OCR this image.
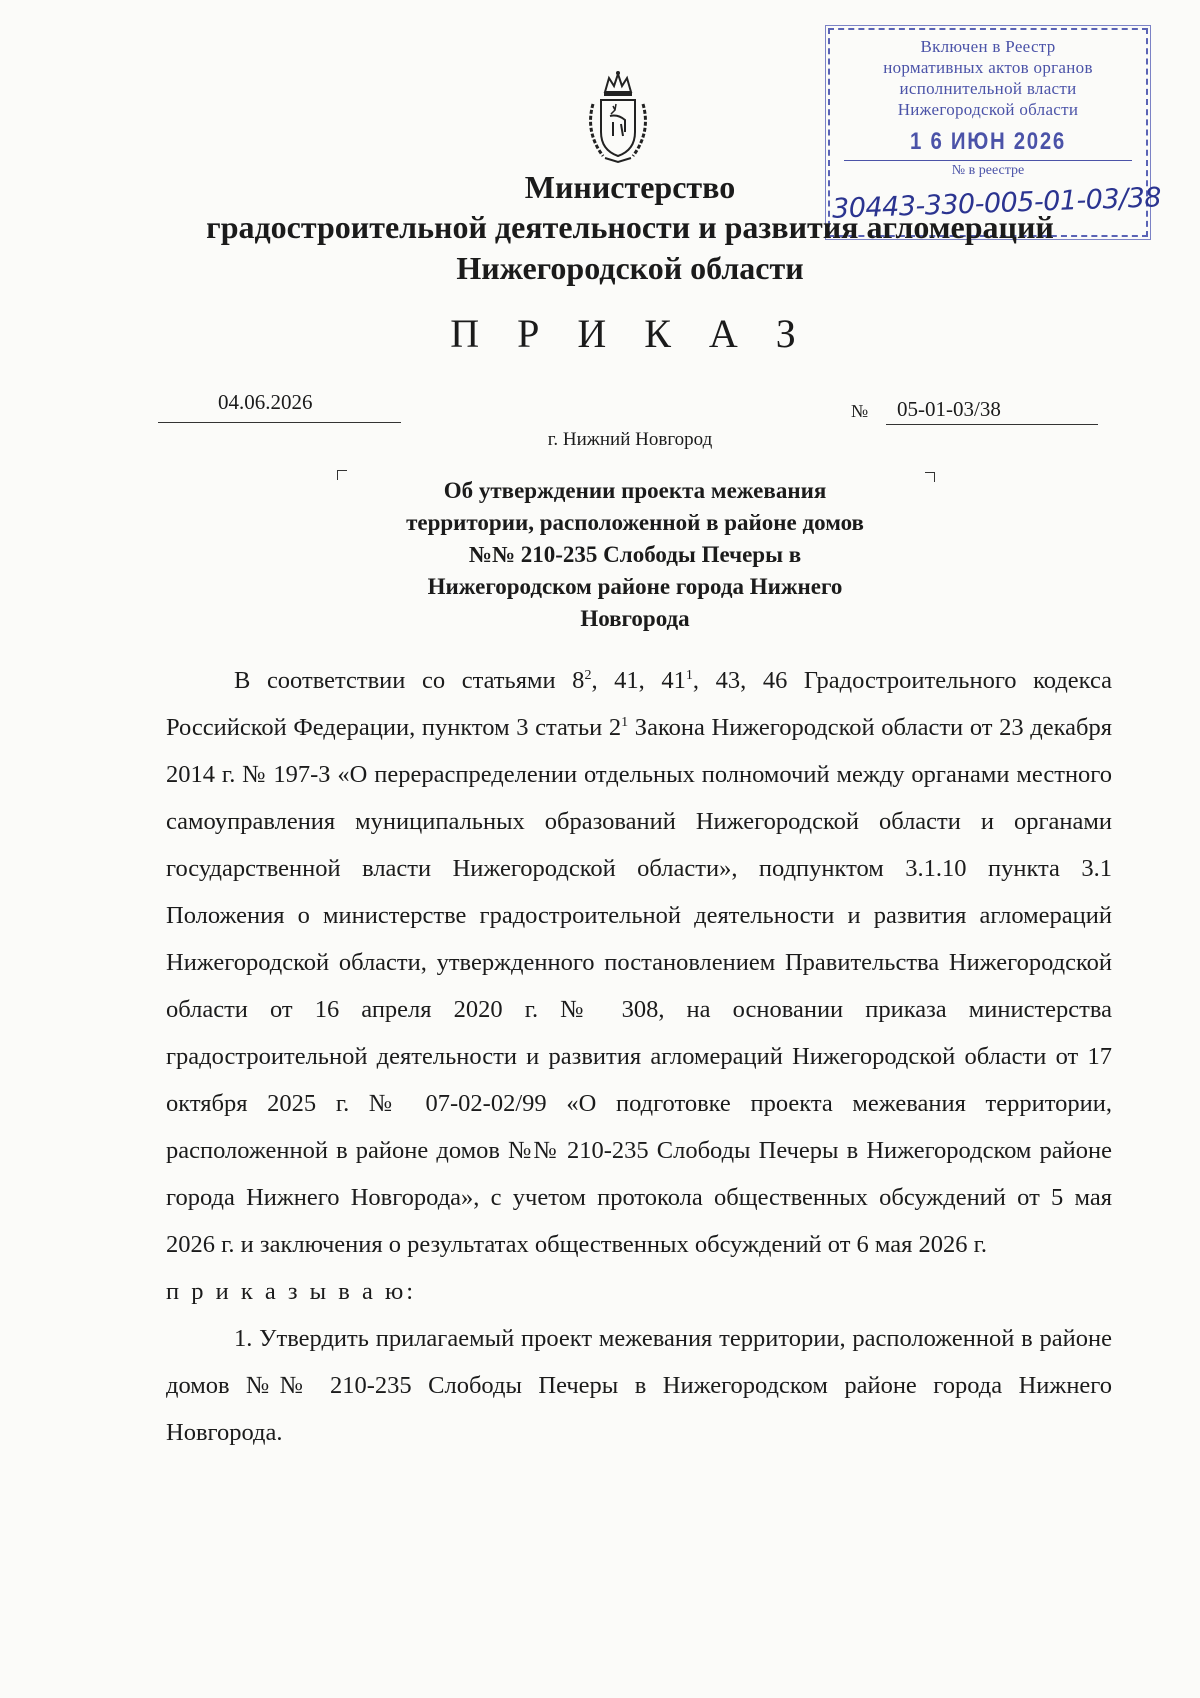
Включен в Реестр
нормативных актов органов
исполнительной власти
Нижегородской области
1 6 ИЮН 2026
№ в реестре
30443-330-005-01-03/38
Министерство
градостроительной деятельности и развития агломераций
Нижегородской области
П Р И К А З
04.06.2026	№ 05-01-03/38
г. Нижний Новгород
Об утверждении проекта межевания
территории, расположенной в районе домов
№№ 210-235 Слободы Печеры в
Нижегородском районе города Нижнего
Новгорода

В соответствии со статьями $8^2$, 41, $41^1$, 43, 46 Градостроительного кодекса Российской Федерации, пунктом 3 статьи $2^1$ Закона Нижегородской области от 23 декабря 2014 г. № 197-З «О перераспределении отдельных полномочий между органами местного самоуправления муниципальных образований Нижегородской области и органами государственной власти Нижегородской области», подпунктом 3.1.10 пункта 3.1 Положения о министерстве градостроительной деятельности и развития агломераций Нижегородской области, утвержденного постановлением Правительства Нижегородской области от 16 апреля 2020 г. № 308, на основании приказа министерства градостроительной деятельности и развития агломераций Нижегородской области от 17 октября 2025 г. № 07-02-02/99 «О подготовке проекта межевания территории, расположенной в районе домов №№ 210-235 Слободы Печеры в Нижегородском районе города Нижнего Новгорода», с учетом протокола общественных обсуждений от 5 мая 2026 г. и заключения о результатах общественных обсуждений от 6 мая 2026 г.

п р и к а з ы в а ю:

1. Утвердить прилагаемый проект межевания территории, расположенной в районе домов №№ 210-235 Слободы Печеры в Нижегородском районе города Нижнего Новгорода.
